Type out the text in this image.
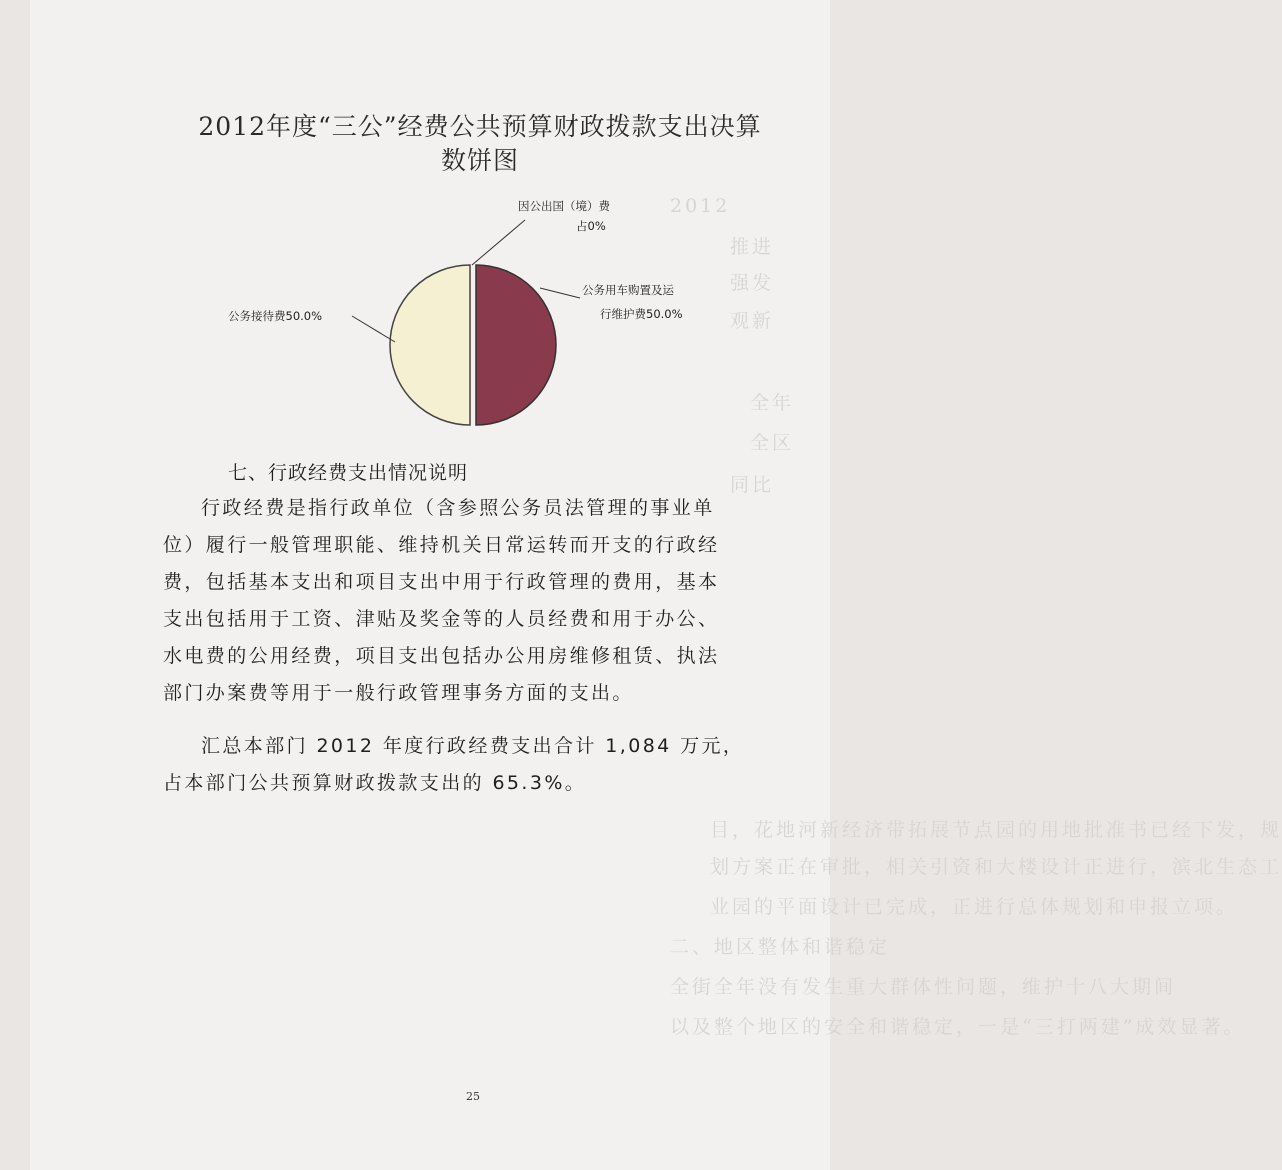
2012
推进
强发
观新
全年
全区
同比
目，花地河新经济带拓展节点园的用地批准书已经下发，规
划方案正在审批，相关引资和大楼设计正进行，滨北生态工
业园的平面设计已完成，正进行总体规划和申报立项。
二、地区整体和谐稳定
全街全年没有发生重大群体性问题，维护十八大期间
以及整个地区的安全和谐稳定，一是“三打两建”成效显著。
2012年度“三公”经费公共预算财政拨款支出决算
数饼图
因公出国（境）费
占0%
公务用车购置及运
行维护费50.0%
公务接待费50.0%
七、行政经费支出情况说明
行政经费是指行政单位（含参照公务员法管理的事业单
位）履行一般管理职能、维持机关日常运转而开支的行政经
费，包括基本支出和项目支出中用于行政管理的费用，基本
支出包括用于工资、津贴及奖金等的人员经费和用于办公、
水电费的公用经费，项目支出包括办公用房维修租赁、执法
部门办案费等用于一般行政管理事务方面的支出。
汇总本部门 2012 年度行政经费支出合计 1,084 万元，
占本部门公共预算财政拨款支出的 65.3%。
25
